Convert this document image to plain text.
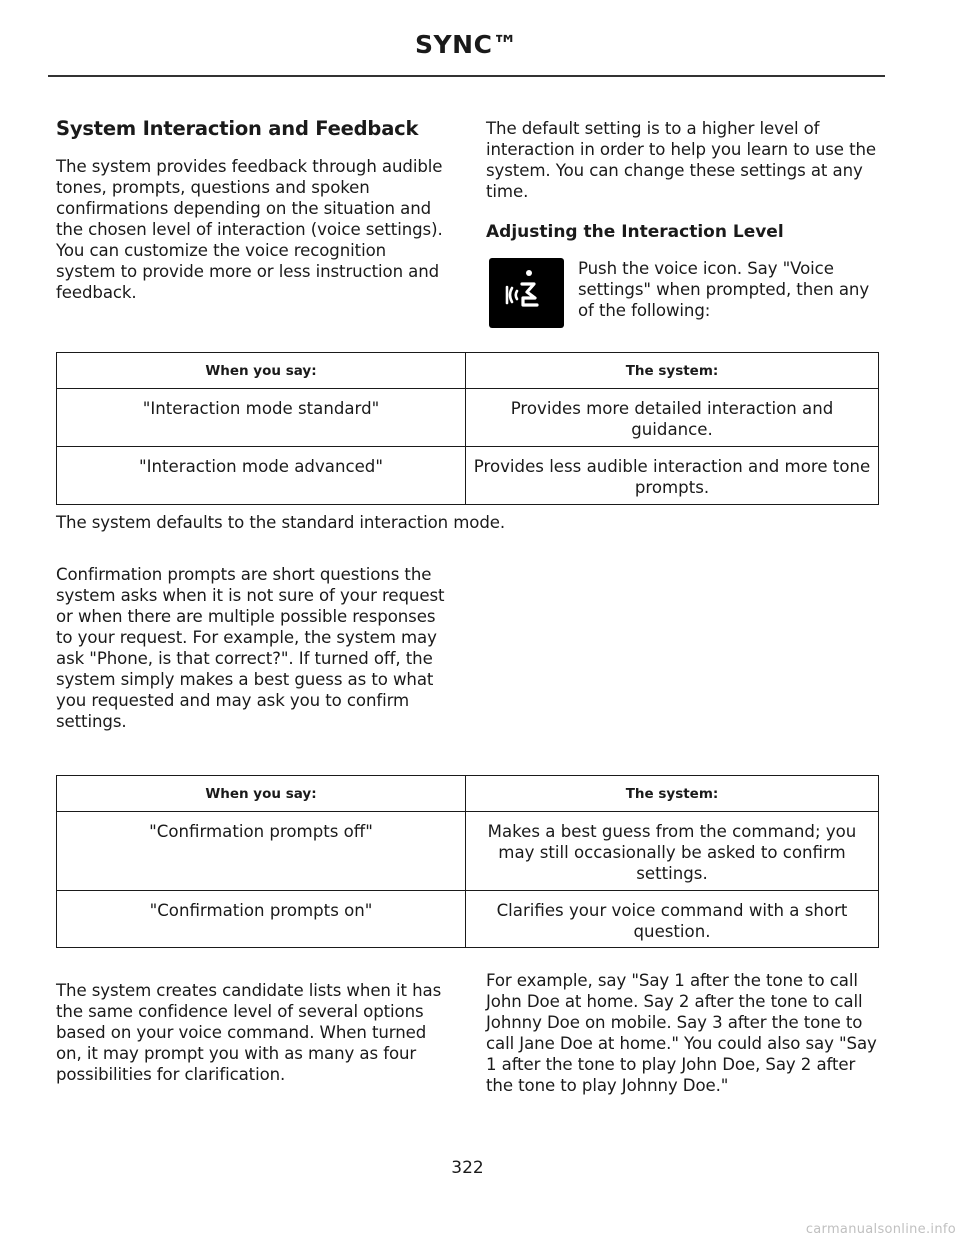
SYNC™
System Interaction and Feedback

The system provides feedback through audible tones, prompts, questions and spoken confirmations depending on the situation and the chosen level of interaction (voice settings). You can customize the voice recognition system to provide more or less instruction and feedback.

The default setting is to a higher level of interaction in order to help you learn to use the system. You can change these settings at any time.

Adjusting the Interaction Level

Push the voice icon. Say "Voice settings" when prompted, then any of the following:

When you say:	The system:
"Interaction mode standard"	Provides more detailed interaction and guidance.
"Interaction mode advanced"	Provides less audible interaction and more tone prompts.

The system defaults to the standard interaction mode.

Confirmation prompts are short questions the system asks when it is not sure of your request or when there are multiple possible responses to your request. For example, the system may ask "Phone, is that correct?". If turned off, the system simply makes a best guess as to what you requested and may ask you to confirm settings.

When you say:	The system:
"Confirmation prompts off"	Makes a best guess from the command; you may still occasionally be asked to confirm settings.
"Confirmation prompts on"	Clarifies your voice command with a short question.

The system creates candidate lists when it has the same confidence level of several options based on your voice command. When turned on, it may prompt you with as many as four possibilities for clarification.

For example, say "Say 1 after the tone to call John Doe at home. Say 2 after the tone to call Johnny Doe on mobile. Say 3 after the tone to call Jane Doe at home." You could also say "Say 1 after the tone to play John Doe, Say 2 after the tone to play Johnny Doe."

322
carmanualsonline.info
